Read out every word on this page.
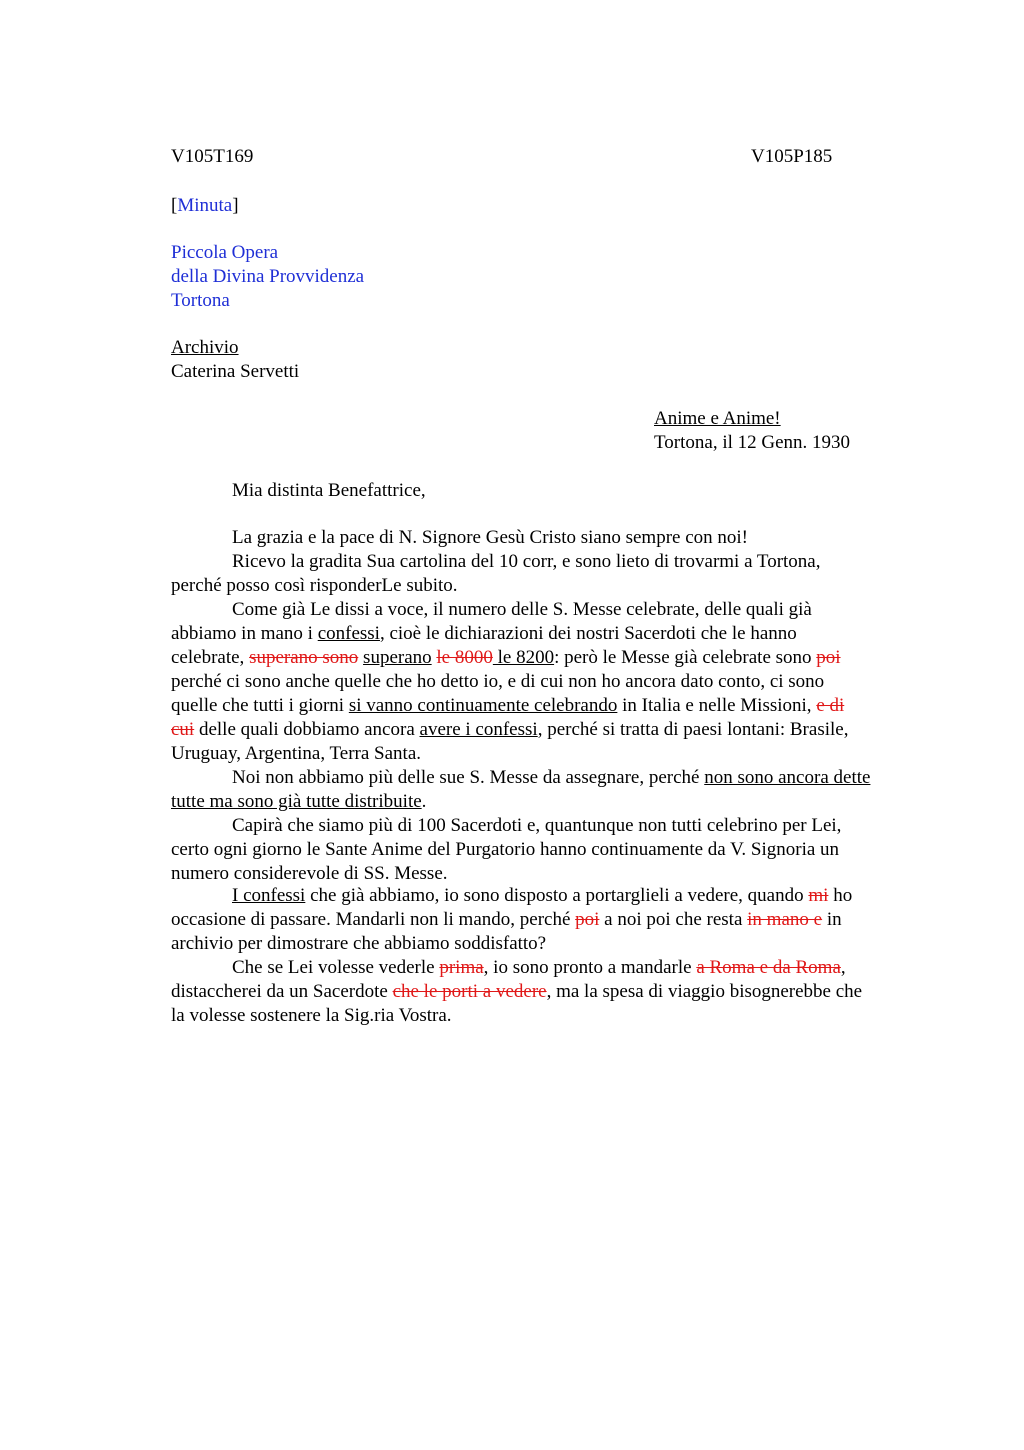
V105T169	V105P185
[Minuta]
Piccola Opera
della Divina Provvidenza
Tortona
Archivio
Caterina Servetti
Anime e Anime!
Tortona, il 12 Genn. 1930
Mia distinta Benefattrice,
La grazia e la pace di N. Signore Gesù Cristo siano sempre con noi!
Ricevo la gradita Sua cartolina del 10 corr, e sono lieto di trovarmi a Tortona,
perché posso così risponderLe subito.
Come già Le dissi a voce, il numero delle S. Messe celebrate, delle quali già
abbiamo in mano i confessi, cioè le dichiarazioni dei nostri Sacerdoti che le hanno
celebrate, superano sono superano le 8000 le 8200: però le Messe già celebrate sono poi
perché ci sono anche quelle che ho detto io, e di cui non ho ancora dato conto, ci sono
quelle che tutti i giorni si vanno continuamente celebrando in Italia e nelle Missioni, e di
cui delle quali dobbiamo ancora avere i confessi, perché si tratta di paesi lontani: Brasile,
Uruguay, Argentina, Terra Santa.
Noi non abbiamo più delle sue S. Messe da assegnare, perché non sono ancora dette
tutte ma sono già tutte distribuite.
Capirà che siamo più di 100 Sacerdoti e, quantunque non tutti celebrino per Lei,
certo ogni giorno le Sante Anime del Purgatorio hanno continuamente da V. Signoria un
numero considerevole di SS. Messe.
I confessi che già abbiamo, io sono disposto a portarglieli a vedere, quando mi ho
occasione di passare. Mandarli non li mando, perché poi a noi poi che resta in mano e in
archivio per dimostrare che abbiamo soddisfatto?
Che se Lei volesse vederle prima, io sono pronto a mandarle a Roma e da Roma,
distaccherei da un Sacerdote che le porti a vedere, ma la spesa di viaggio bisognerebbe che
la volesse sostenere la Sig.ria Vostra.
